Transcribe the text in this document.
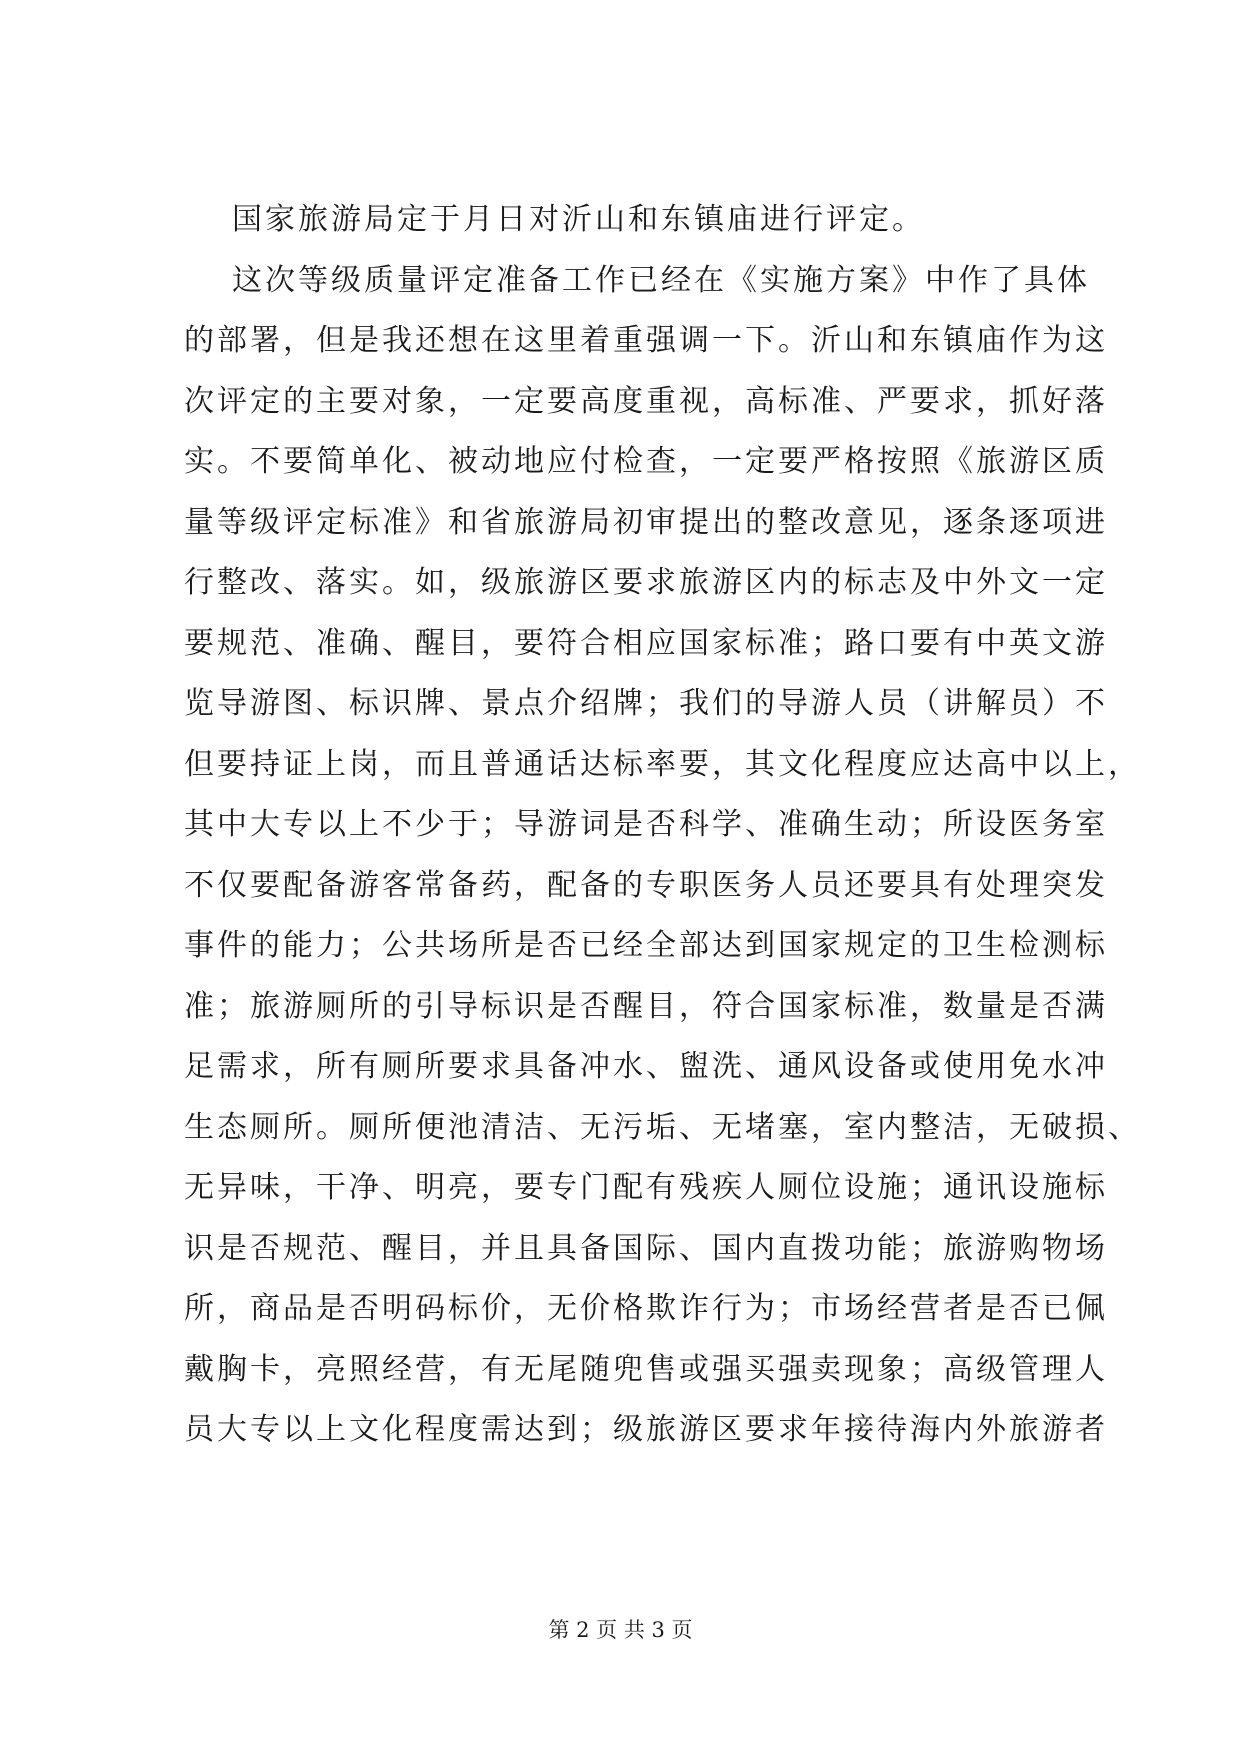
国家旅游局定于月日对沂山和东镇庙进行评定。
这次等级质量评定准备工作已经在《实施方案》中作了具体
的部署，但是我还想在这里着重强调一下。沂山和东镇庙作为这
次评定的主要对象，一定要高度重视，高标准、严要求，抓好落
实。不要简单化、被动地应付检查，一定要严格按照《旅游区质
量等级评定标准》和省旅游局初审提出的整改意见，逐条逐项进
行整改、落实。如，级旅游区要求旅游区内的标志及中外文一定
要规范、准确、醒目，要符合相应国家标准；路口要有中英文游
览导游图、标识牌、景点介绍牌；我们的导游人员（讲解员）不
但要持证上岗，而且普通话达标率要，其文化程度应达高中以上，
其中大专以上不少于；导游词是否科学、准确生动；所设医务室
不仅要配备游客常备药，配备的专职医务人员还要具有处理突发
事件的能力；公共场所是否已经全部达到国家规定的卫生检测标
准；旅游厕所的引导标识是否醒目，符合国家标准，数量是否满
足需求，所有厕所要求具备冲水、盥洗、通风设备或使用免水冲
生态厕所。厕所便池清洁、无污垢、无堵塞，室内整洁，无破损、
无异味，干净、明亮，要专门配有残疾人厕位设施；通讯设施标
识是否规范、醒目，并且具备国际、国内直拨功能；旅游购物场
所，商品是否明码标价，无价格欺诈行为；市场经营者是否已佩
戴胸卡，亮照经营，有无尾随兜售或强买强卖现象；高级管理人
员大专以上文化程度需达到；级旅游区要求年接待海内外旅游者
第 2 页 共 3 页
